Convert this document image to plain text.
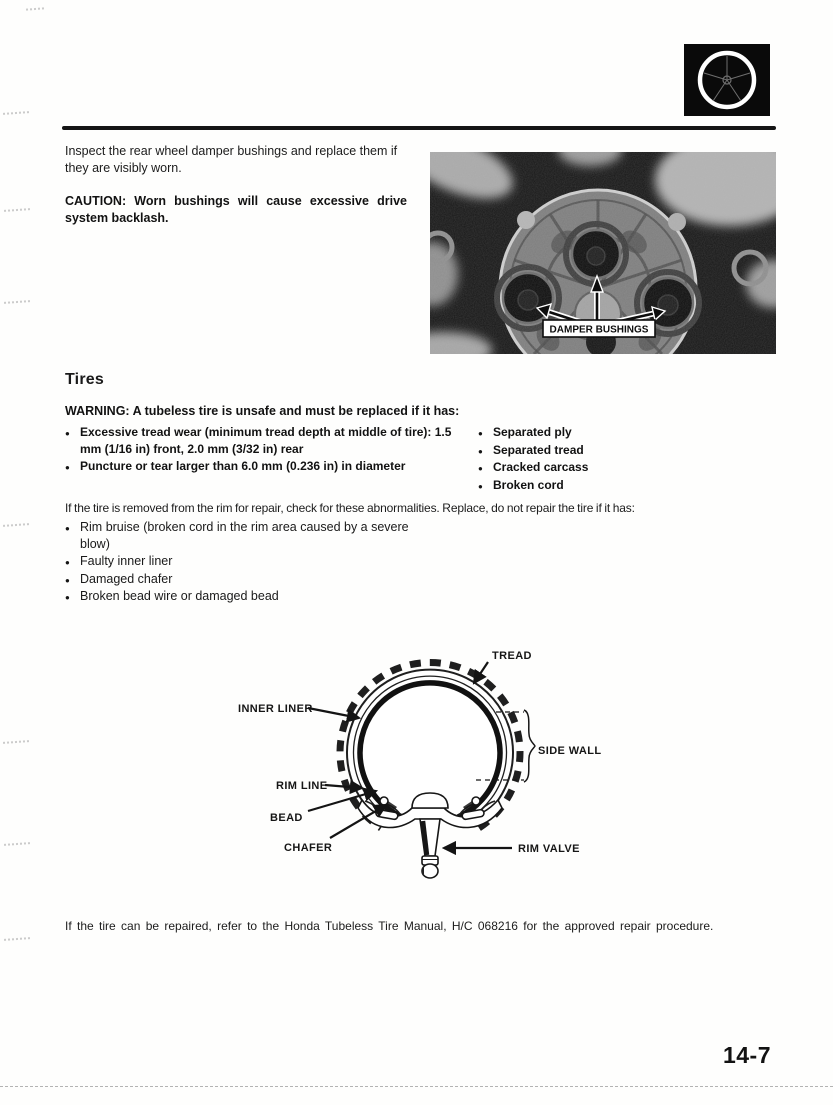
Inspect the rear wheel damper bushings and replace them if they are visibly worn.

CAUTION: Worn bushings will cause excessive drive system backlash.

DAMPER BUSHINGS
Tires

WARNING: A tubeless tire is unsafe and must be replaced if it has:

● Excessive tread wear (minimum tread depth at middle of tire): 1.5 mm (1/16 in) front, 2.0 mm (3/32 in) rear
● Puncture or tear larger than 6.0 mm (0.236 in) in diameter
● Separated ply
● Separated tread
● Cracked carcass
● Broken cord

If the tire is removed from the rim for repair, check for these abnormalities. Replace, do not repair the tire if it has:

● Rim bruise (broken cord in the rim area caused by a severe blow)
● Faulty inner liner
● Damaged chafer
● Broken bead wire or damaged bead
TREAD
INNER LINER
SIDE WALL
RIM LINE
BEAD
CHAFER	RIM VALVE

If the tire can be repaired, refer to the Honda Tubeless Tire Manual, H/C 068216 for the approved repair procedure.

14-7
